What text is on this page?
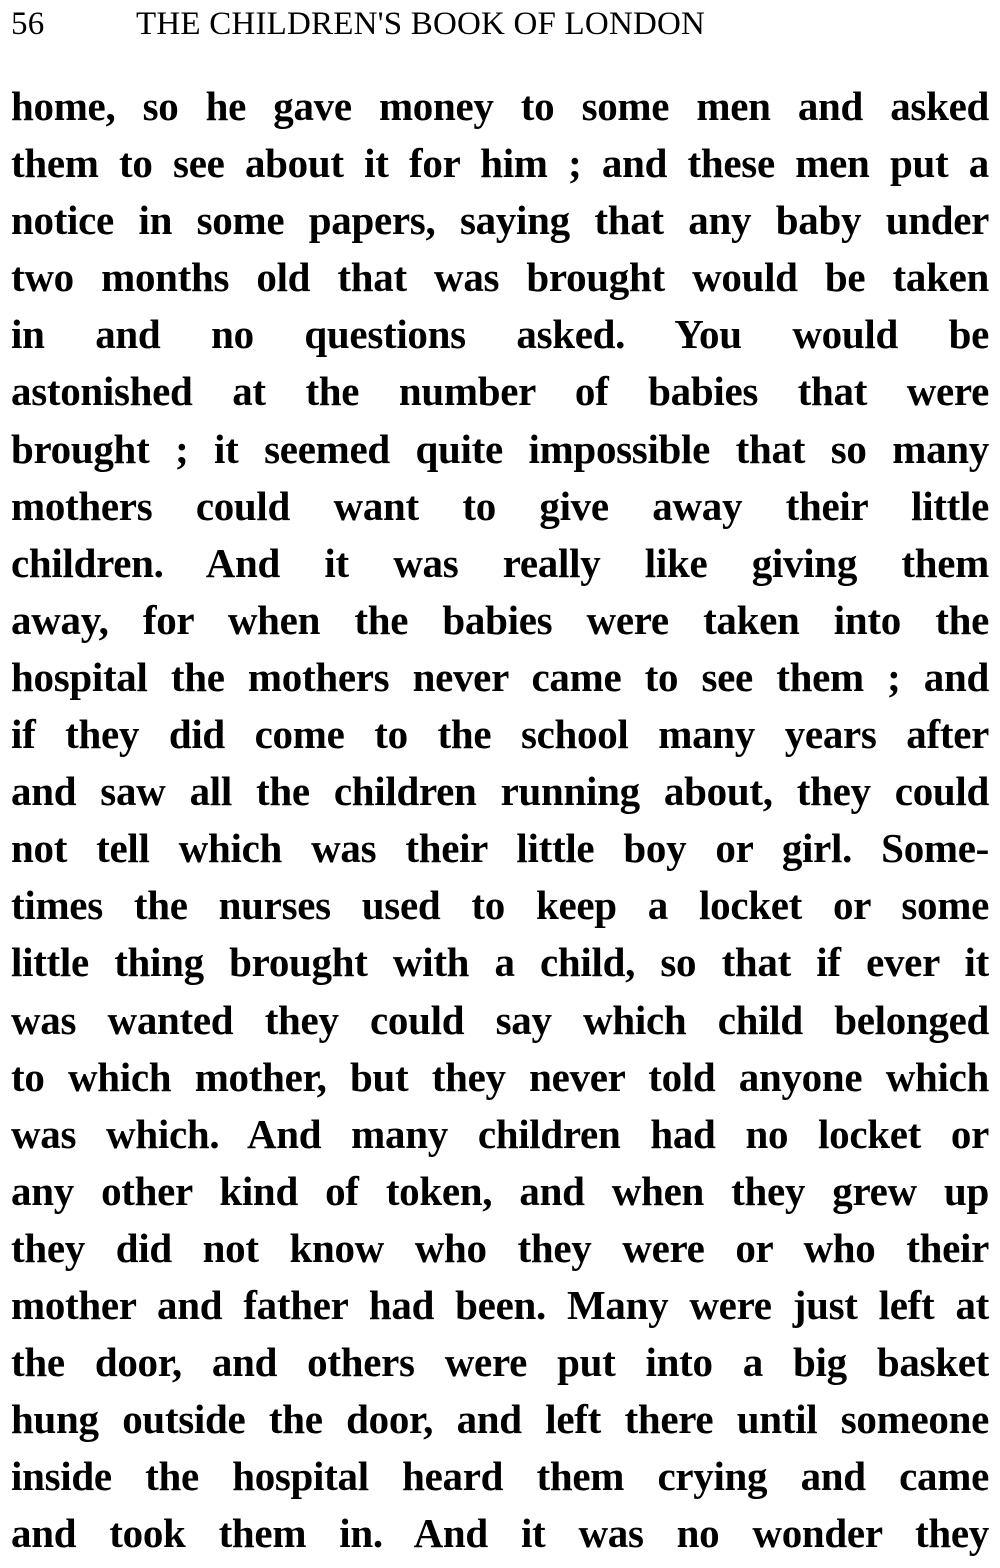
56	THE CHILDREN'S BOOK OF LONDON
home, so he gave money to some men and asked
them to see about it for him ; and these men put a
notice in some papers, saying that any baby under
two months old that was brought would be taken
in and no questions asked. You would be
astonished at the number of babies that were
brought ; it seemed quite impossible that so many
mothers could want to give away their little
children. And it was really like giving them
away, for when the babies were taken into the
hospital the mothers never came to see them ; and
if they did come to the school many years after
and saw all the children running about, they could
not tell which was their little boy or girl. Some-
times the nurses used to keep a locket or some
little thing brought with a child, so that if ever it
was wanted they could say which child belonged
to which mother, but they never told anyone which
was which. And many children had no locket or
any other kind of token, and when they grew up
they did not know who they were or who their
mother and father had been. Many were just left at
the door, and others were put into a big basket
hung outside the door, and left there until someone
inside the hospital heard them crying and came
and took them in. And it was no wonder they
